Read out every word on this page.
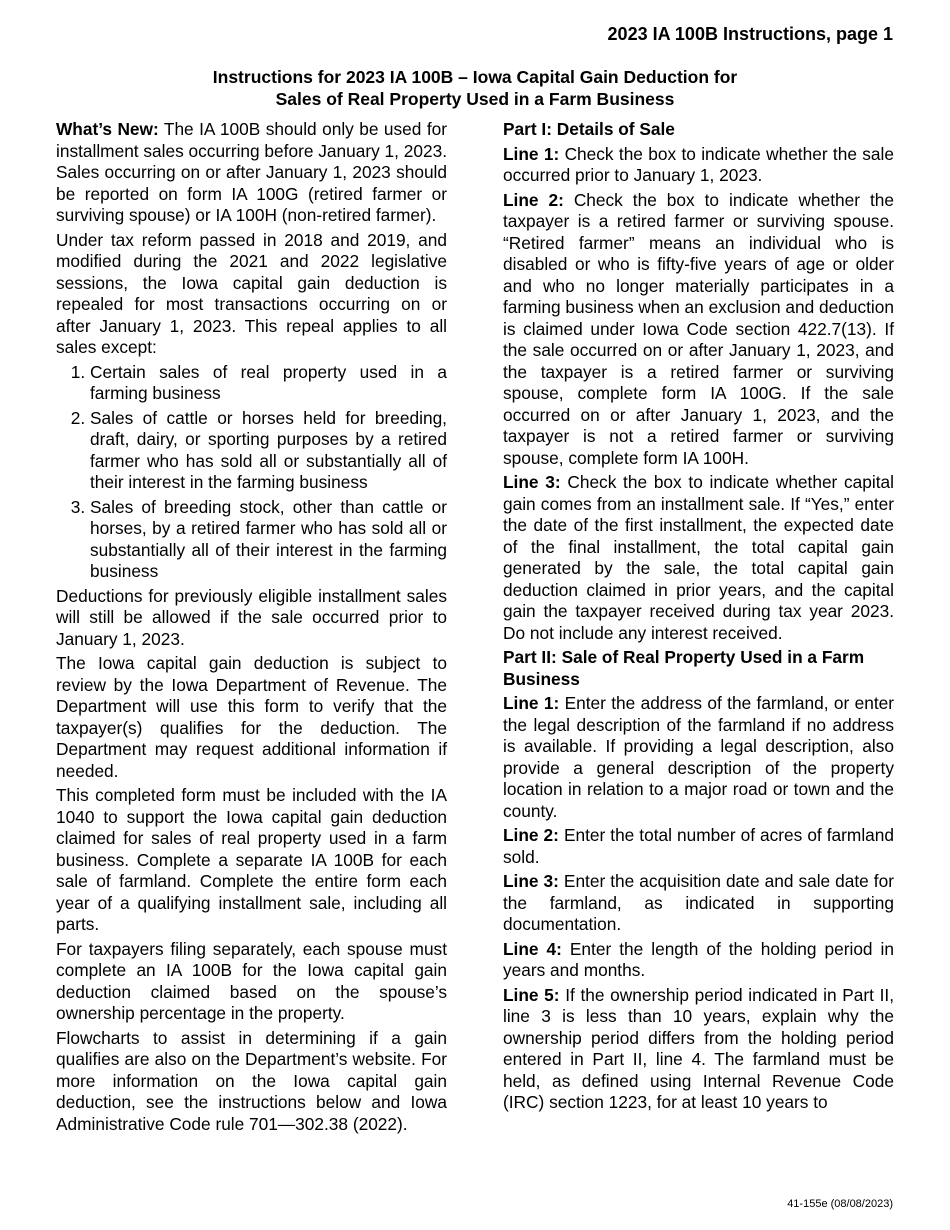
2023 IA 100B Instructions, page 1
Instructions for 2023 IA 100B – Iowa Capital Gain Deduction for
Sales of Real Property Used in a Farm Business

What’s New: The IA 100B should only be used for installment sales occurring before January 1, 2023. Sales occurring on or after January 1, 2023 should be reported on form IA 100G (retired farmer or surviving spouse) or IA 100H (non-retired farmer).

Under tax reform passed in 2018 and 2019, and modified during the 2021 and 2022 legislative sessions, the Iowa capital gain deduction is repealed for most transactions occurring on or after January 1, 2023. This repeal applies to all sales except:

1. Certain sales of real property used in a farming business
2. Sales of cattle or horses held for breeding, draft, dairy, or sporting purposes by a retired farmer who has sold all or substantially all of their interest in the farming business
3. Sales of breeding stock, other than cattle or horses, by a retired farmer who has sold all or substantially all of their interest in the farming business

Deductions for previously eligible installment sales will still be allowed if the sale occurred prior to January 1, 2023.

The Iowa capital gain deduction is subject to review by the Iowa Department of Revenue. The Department will use this form to verify that the taxpayer(s) qualifies for the deduction. The Department may request additional information if needed.

This completed form must be included with the IA 1040 to support the Iowa capital gain deduction claimed for sales of real property used in a farm business. Complete a separate IA 100B for each sale of farmland. Complete the entire form each year of a qualifying installment sale, including all parts.

For taxpayers filing separately, each spouse must complete an IA 100B for the Iowa capital gain deduction claimed based on the spouse’s ownership percentage in the property.

Flowcharts to assist in determining if a gain qualifies are also on the Department’s website. For more information on the Iowa capital gain deduction, see the instructions below and Iowa Administrative Code rule 701—302.38 (2022).

Part I: Details of Sale

Line 1: Check the box to indicate whether the sale occurred prior to January 1, 2023.

Line 2: Check the box to indicate whether the taxpayer is a retired farmer or surviving spouse. “Retired farmer” means an individual who is disabled or who is fifty-five years of age or older and who no longer materially participates in a farming business when an exclusion and deduction is claimed under Iowa Code section 422.7(13). If the sale occurred on or after January 1, 2023, and the taxpayer is a retired farmer or surviving spouse, complete form IA 100G. If the sale occurred on or after January 1, 2023, and the taxpayer is not a retired farmer or surviving spouse, complete form IA 100H.

Line 3: Check the box to indicate whether capital gain comes from an installment sale. If “Yes,” enter the date of the first installment, the expected date of the final installment, the total capital gain generated by the sale, the total capital gain deduction claimed in prior years, and the capital gain the taxpayer received during tax year 2023. Do not include any interest received.

Part II: Sale of Real Property Used in a Farm Business

Line 1: Enter the address of the farmland, or enter the legal description of the farmland if no address is available. If providing a legal description, also provide a general description of the property location in relation to a major road or town and the county.

Line 2: Enter the total number of acres of farmland sold.

Line 3: Enter the acquisition date and sale date for the farmland, as indicated in supporting documentation.

Line 4: Enter the length of the holding period in years and months.

Line 5: If the ownership period indicated in Part II, line 3 is less than 10 years, explain why the ownership period differs from the holding period entered in Part II, line 4. The farmland must be held, as defined using Internal Revenue Code (IRC) section 1223, for at least 10 years to

41-155e (08/08/2023)
